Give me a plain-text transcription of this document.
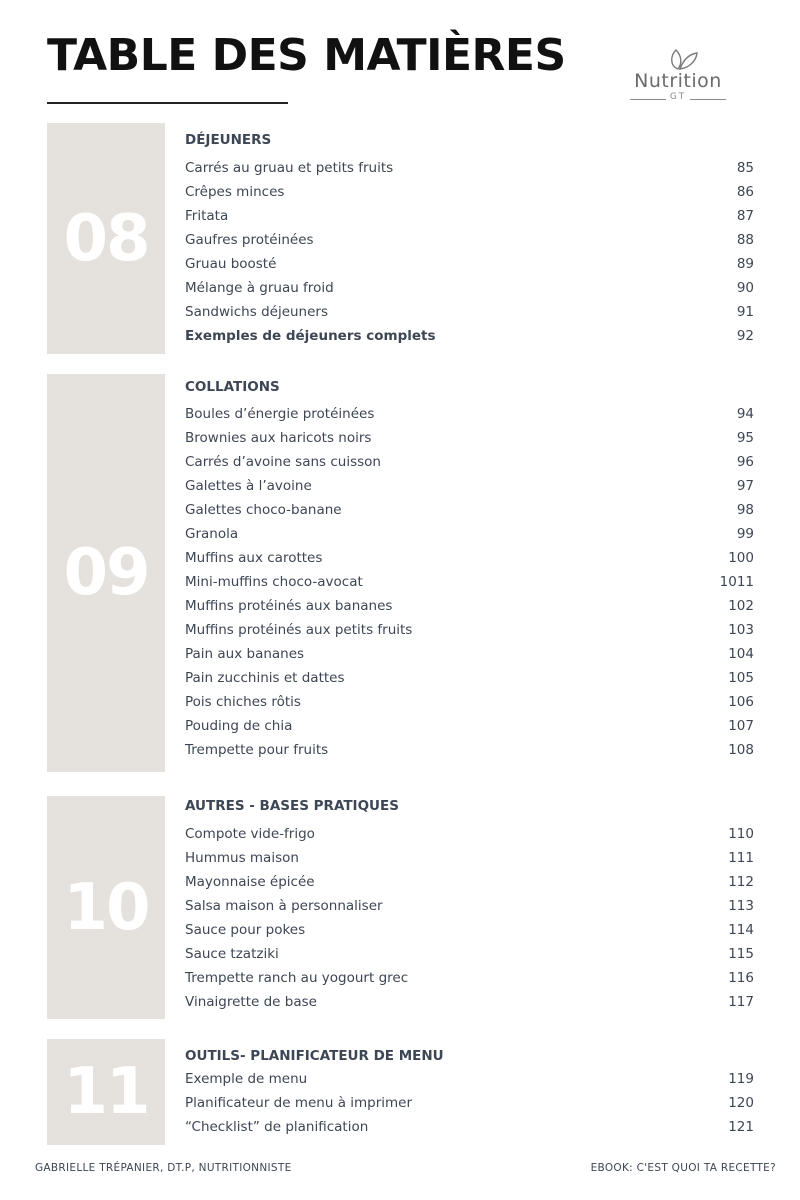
TABLE DES MATIÈRES	Nutrition
GT
08
DÉJEUNERS
Carrés au gruau et petits fruits	85
Crêpes minces	86
Fritata	87
Gaufres protéinées	88
Gruau boosté	89
Mélange à gruau froid	90
Sandwichs déjeuners	91
Exemples de déjeuners complets	92
09
COLLATIONS
Boules d’énergie protéinées	94
Brownies aux haricots noirs	95
Carrés d’avoine sans cuisson	96
Galettes à l’avoine	97
Galettes choco-banane	98
Granola	99
Muffins aux carottes	100
Mini-muffins choco-avocat	1011
Muffins protéinés aux bananes	102
Muffins protéinés aux petits fruits	103
Pain aux bananes	104
Pain zucchinis et dattes	105
Pois chiches rôtis	106
Pouding de chia	107
Trempette pour fruits	108
10
AUTRES - BASES PRATIQUES
Compote vide-frigo	110
Hummus maison	111
Mayonnaise épicée	112
Salsa maison à personnaliser	113
Sauce pour pokes	114
Sauce tzatziki	115
Trempette ranch au yogourt grec	116
Vinaigrette de base	117
11	OUTILS- PLANIFICATEUR DE MENU
Exemple de menu	119
Planificateur de menu à imprimer	120
“Checklist” de planification	121
GABRIELLE TRÉPANIER, DT.P, NUTRITIONNISTE	EBOOK: C'EST QUOI TA RECETTE?
